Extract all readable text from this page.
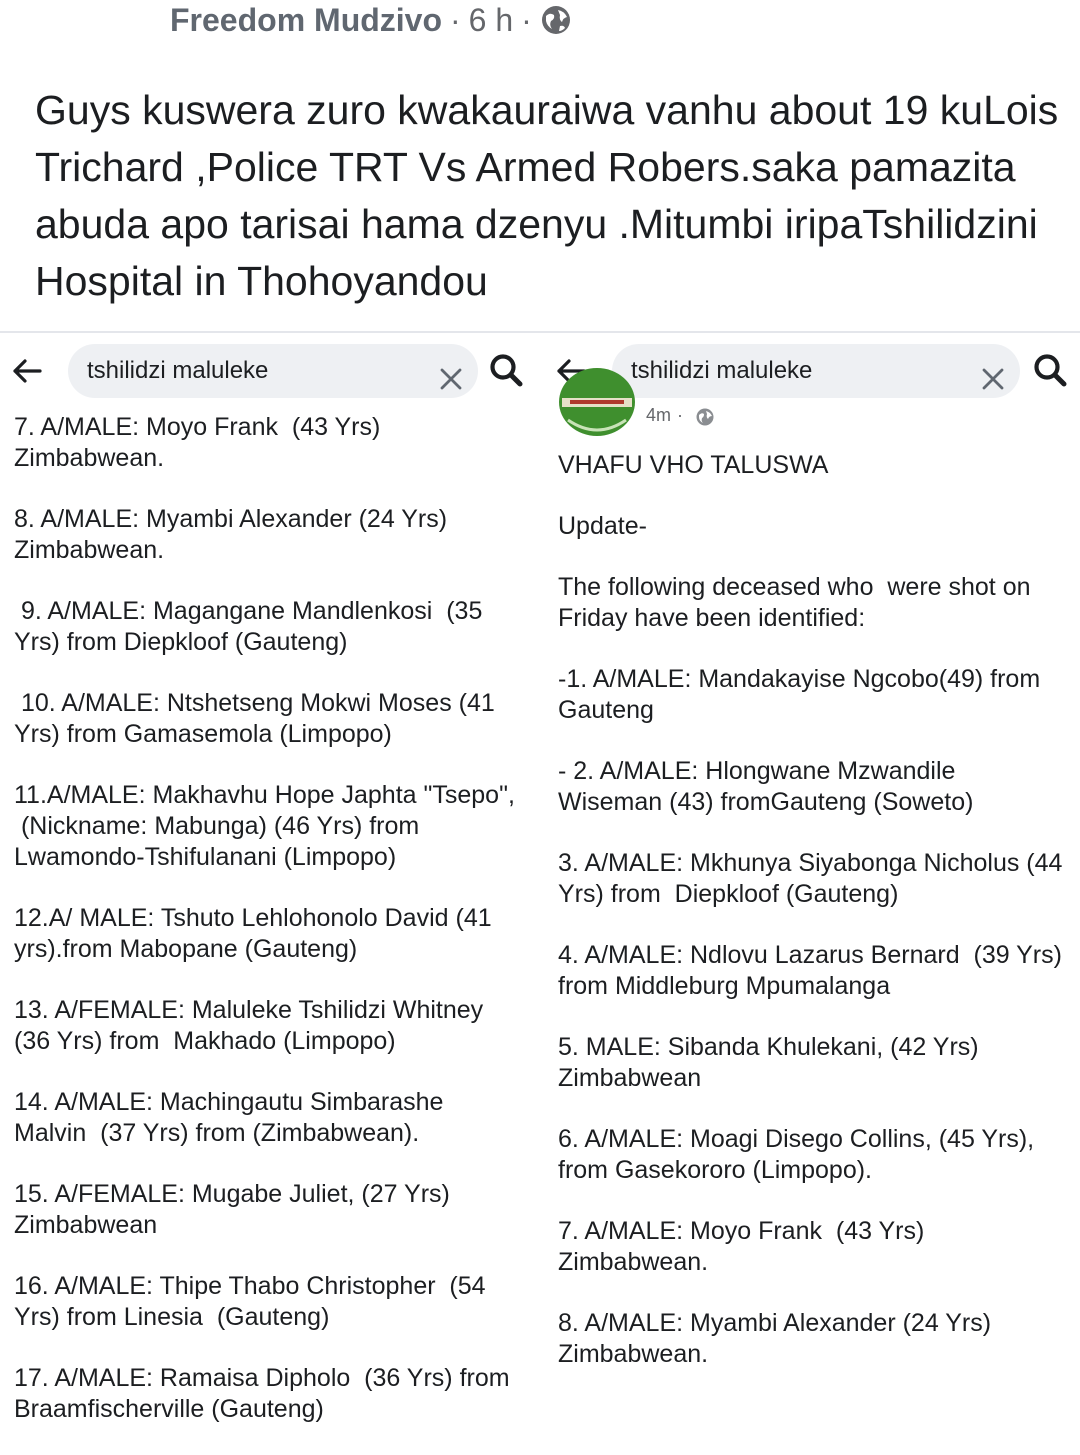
Freedom Mudzivo · 6 h ·
Guys kuswera zuro kwakauraiwa vanhu about 19 kuLois Trichard ,Police TRT Vs Armed Robers.saka pamazita abuda apo tarisai hama dzenyu .Mitumbi iripaTshilidzini Hospital in Thohoyandou
tshilidzi maluleke
7. A/MALE: Moyo Frank  (43 Yrs)
Zimbabwean.
8. A/MALE: Myambi Alexander (24 Yrs)
Zimbabwean.
9. A/MALE: Magangane Mandlenkosi  (35
Yrs) from Diepkloof (Gauteng)
10. A/MALE: Ntshetseng Mokwi Moses (41
Yrs) from Gamasemola (Limpopo)
11.A/MALE: Makhavhu Hope Japhta "Tsepo",
(Nickname: Mabunga) (46 Yrs) from
Lwamondo-Tshifulanani (Limpopo)
12.A/ MALE: Tshuto Lehlohonolo David (41
yrs).from Mabopane (Gauteng)
13. A/FEMALE: Maluleke Tshilidzi Whitney
(36 Yrs) from  Makhado (Limpopo)
14. A/MALE: Machingautu Simbarashe
Malvin  (37 Yrs) from (Zimbabwean).
15. A/FEMALE: Mugabe Juliet, (27 Yrs)
Zimbabwean
16. A/MALE: Thipe Thabo Christopher  (54
Yrs) from Linesia  (Gauteng)
17. A/MALE: Ramaisa Dipholo  (36 Yrs) from
Braamfischerville (Gauteng)
tshilidzi maluleke
4m ·
VHAFU VHO TALUSWA
Update-
The following deceased who  were shot on
Friday have been identified:
-1. A/MALE: Mandakayise Ngcobo(49) from
Gauteng
- 2. A/MALE: Hlongwane Mzwandile
Wiseman (43) fromGauteng (Soweto)
3. A/MALE: Mkhunya Siyabonga Nicholus (44
Yrs) from  Diepkloof (Gauteng)
4. A/MALE: Ndlovu Lazarus Bernard  (39 Yrs)
from Middleburg Mpumalanga
5. MALE: Sibanda Khulekani, (42 Yrs)
Zimbabwean
6. A/MALE: Moagi Disego Collins, (45 Yrs),
from Gasekororo (Limpopo).
7. A/MALE: Moyo Frank  (43 Yrs)
Zimbabwean.
8. A/MALE: Myambi Alexander (24 Yrs)
Zimbabwean.
